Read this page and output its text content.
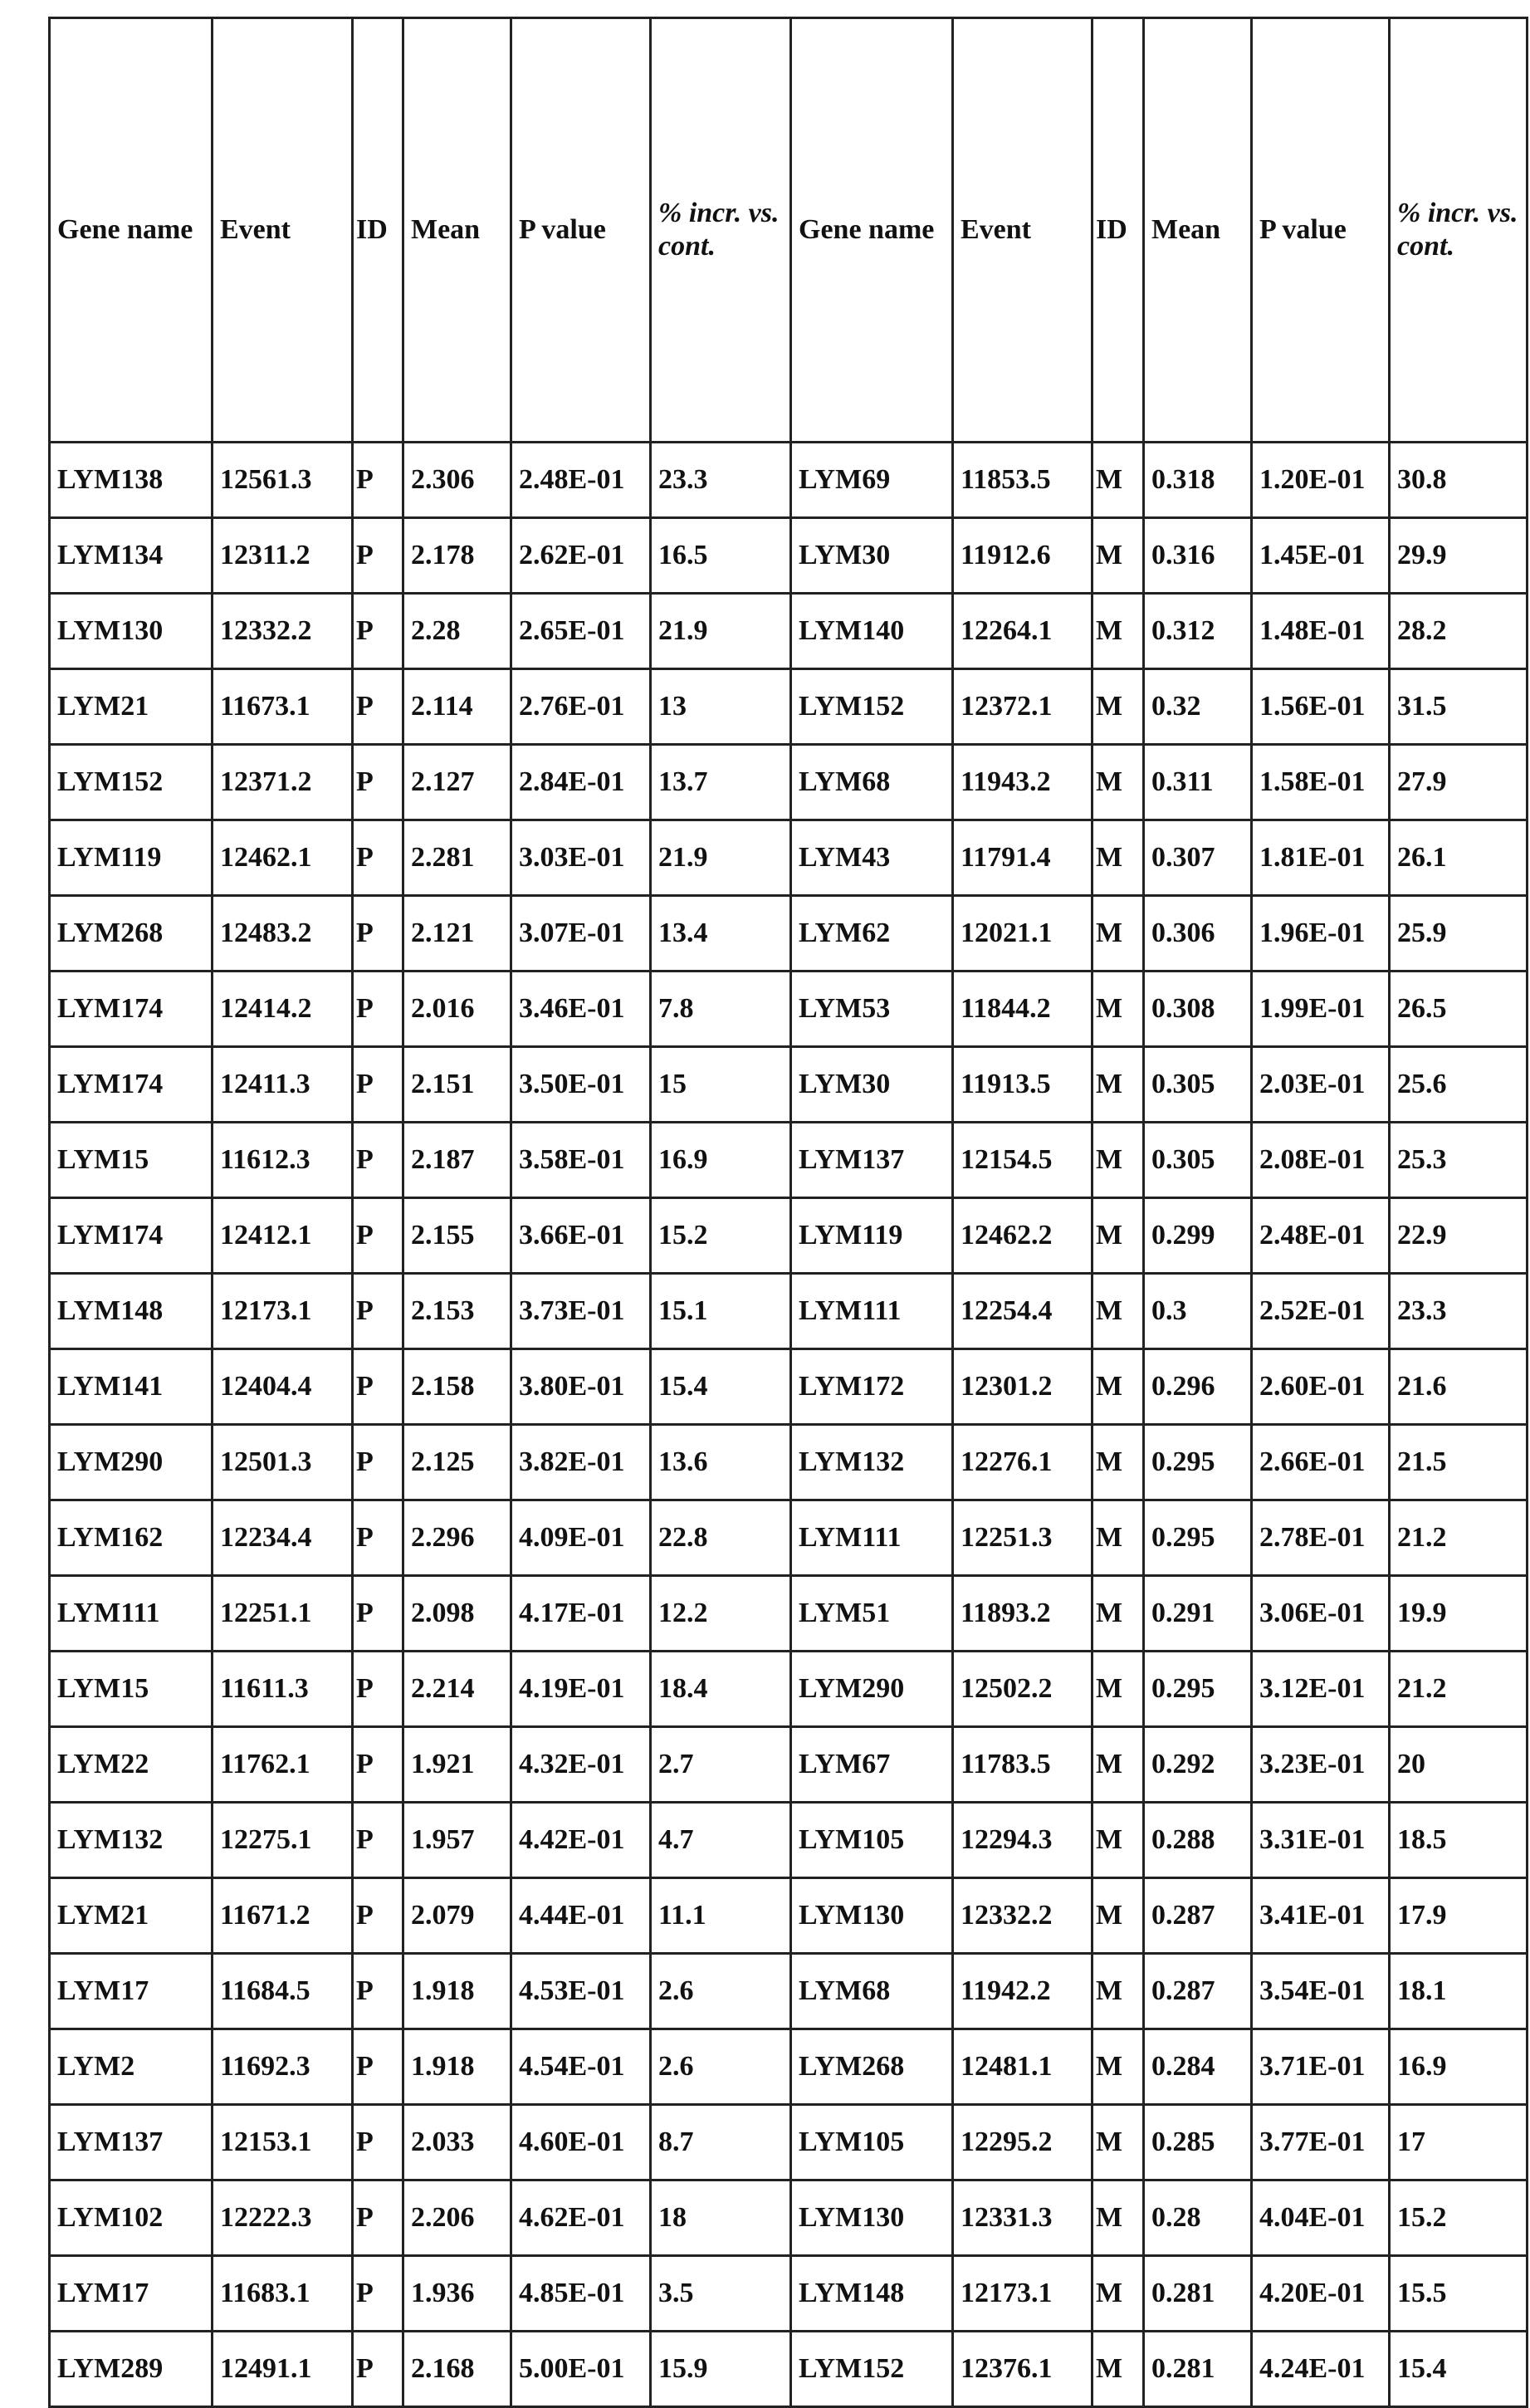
Gene name	Event	ID	Mean	P value	% incr. vs. cont.	Gene name	Event	ID	Mean	P value	% incr. vs. cont.
LYM138	12561.3	P	2.306	2.48E-01	23.3	LYM69	11853.5	M	0.318	1.20E-01	30.8
LYM134	12311.2	P	2.178	2.62E-01	16.5	LYM30	11912.6	M	0.316	1.45E-01	29.9
LYM130	12332.2	P	2.28	2.65E-01	21.9	LYM140	12264.1	M	0.312	1.48E-01	28.2
LYM21	11673.1	P	2.114	2.76E-01	13	LYM152	12372.1	M	0.32	1.56E-01	31.5
LYM152	12371.2	P	2.127	2.84E-01	13.7	LYM68	11943.2	M	0.311	1.58E-01	27.9
LYM119	12462.1	P	2.281	3.03E-01	21.9	LYM43	11791.4	M	0.307	1.81E-01	26.1
LYM268	12483.2	P	2.121	3.07E-01	13.4	LYM62	12021.1	M	0.306	1.96E-01	25.9
LYM174	12414.2	P	2.016	3.46E-01	7.8	LYM53	11844.2	M	0.308	1.99E-01	26.5
LYM174	12411.3	P	2.151	3.50E-01	15	LYM30	11913.5	M	0.305	2.03E-01	25.6
LYM15	11612.3	P	2.187	3.58E-01	16.9	LYM137	12154.5	M	0.305	2.08E-01	25.3
LYM174	12412.1	P	2.155	3.66E-01	15.2	LYM119	12462.2	M	0.299	2.48E-01	22.9
LYM148	12173.1	P	2.153	3.73E-01	15.1	LYM111	12254.4	M	0.3	2.52E-01	23.3
LYM141	12404.4	P	2.158	3.80E-01	15.4	LYM172	12301.2	M	0.296	2.60E-01	21.6
LYM290	12501.3	P	2.125	3.82E-01	13.6	LYM132	12276.1	M	0.295	2.66E-01	21.5
LYM162	12234.4	P	2.296	4.09E-01	22.8	LYM111	12251.3	M	0.295	2.78E-01	21.2
LYM111	12251.1	P	2.098	4.17E-01	12.2	LYM51	11893.2	M	0.291	3.06E-01	19.9
LYM15	11611.3	P	2.214	4.19E-01	18.4	LYM290	12502.2	M	0.295	3.12E-01	21.2
LYM22	11762.1	P	1.921	4.32E-01	2.7	LYM67	11783.5	M	0.292	3.23E-01	20
LYM132	12275.1	P	1.957	4.42E-01	4.7	LYM105	12294.3	M	0.288	3.31E-01	18.5
LYM21	11671.2	P	2.079	4.44E-01	11.1	LYM130	12332.2	M	0.287	3.41E-01	17.9
LYM17	11684.5	P	1.918	4.53E-01	2.6	LYM68	11942.2	M	0.287	3.54E-01	18.1
LYM2	11692.3	P	1.918	4.54E-01	2.6	LYM268	12481.1	M	0.284	3.71E-01	16.9
LYM137	12153.1	P	2.033	4.60E-01	8.7	LYM105	12295.2	M	0.285	3.77E-01	17
LYM102	12222.3	P	2.206	4.62E-01	18	LYM130	12331.3	M	0.28	4.04E-01	15.2
LYM17	11683.1	P	1.936	4.85E-01	3.5	LYM148	12173.1	M	0.281	4.20E-01	15.5
LYM289	12491.1	P	2.168	5.00E-01	15.9	LYM152	12376.1	M	0.281	4.24E-01	15.4
